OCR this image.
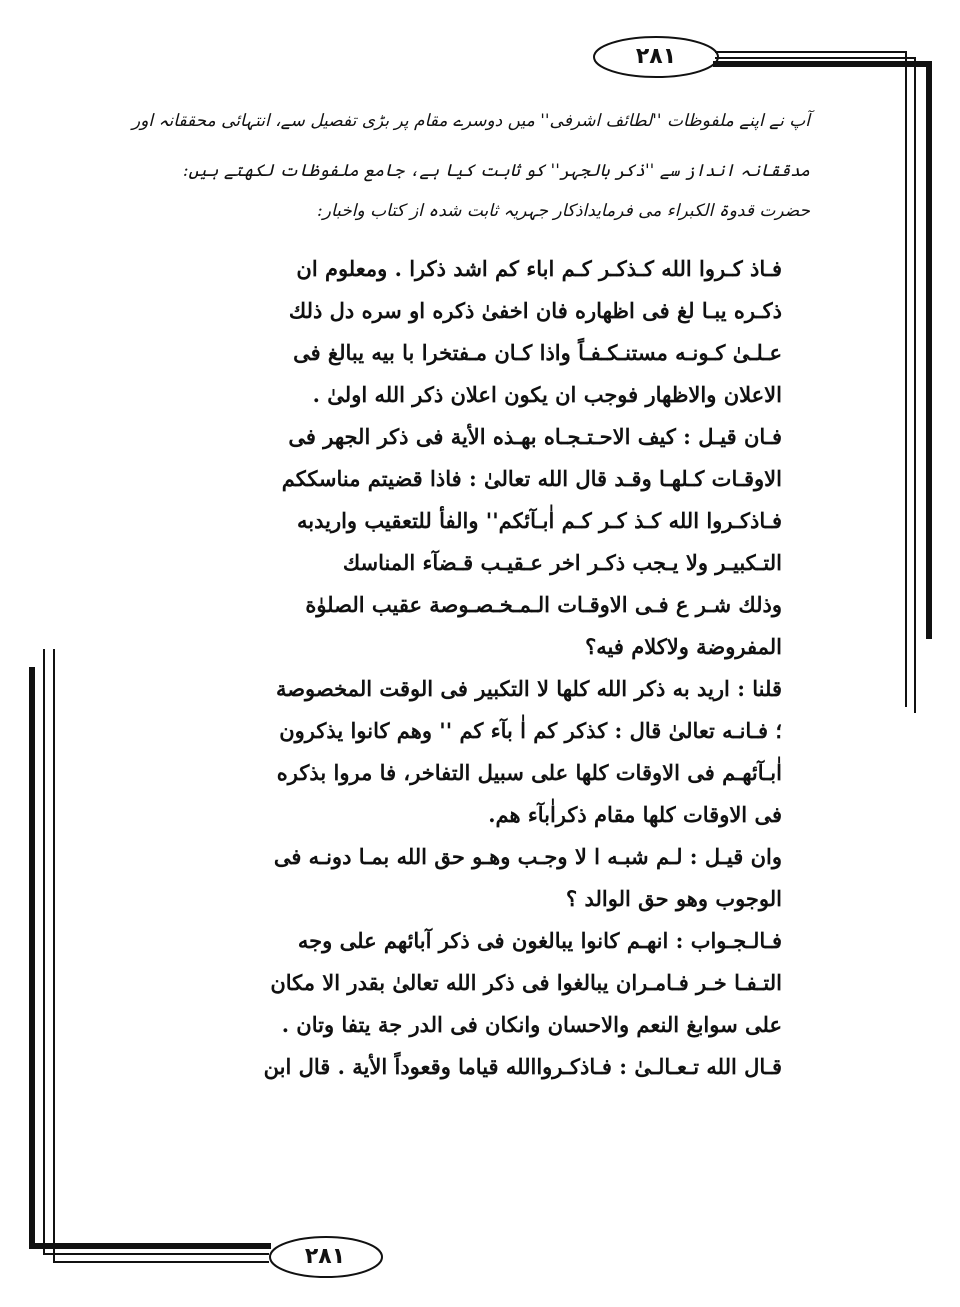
۲۸۱
آپ نے اپنے ملفوظات ''لطائف اشرفی'' میں دوسرے مقام پر بڑی تفصیل سے، انتہائی محققانہ اور
مدققانہ انداز سے ''ذکر بالجہر'' کو ثابت کیا ہے، جامع ملفوظات لکھتے ہیں:
حضرت قدوۃ الکبراء می فرمایداذکار جہریہ ثابت شدہ از کتاب واخبار:

فـاذ كـروا الله كـذكـر كـم اباء كم اشد ذكرا . ومعلوم ان

ذكـره يبـا لغ فى اظهاره فان اخفىٰ ذكره او سره دل ذلك

عـلـىٰ كـونـه مستنـكـفـاً واذا كـان مـفتخرا با بيه يبالغ فى

الاعلان والاظهار فوجب ان يكون اعلان ذكر الله اولىٰ .

فـان قيـل : كيف الاحـتـجـاه بهـذه الأية فى ذكر الجهر فى

الاوقـات كـلهـا وقـد قال الله تعالىٰ : فاذا قضيتم مناسككم

فـاذكـروا الله كـذ كـر كـم اٰبـآئكم'' والفأ للتعقيب واريدبه

التـكبيـر ولا يـجب ذكـر اخر عـقيـب قـضآء المناسك

وذلك شـر ع فـى الاوقـات الـمـخـصـوصة عقيب الصلوٰة

المفروضة ولاكلام فيه؟

قلنا : اريد به ذكر الله كلها لا التكبير فى الوقت المخصوصة

؛ فـانـه تعالىٰ قال : كذكر كم اٰ بآء كم '' وهم كانوا يذكرون

اٰبـآئهـم فى الاوقات كلها على سبيل التفاخر، فا مروا بذكره

فى الاوقات كلها مقام ذكراٰبآء هم.

وان قيـل : لـم شبـه ا لا وجـب وهـو حق الله بمـا دونـه فى

الوجوب وهو حق الوالد ؟

فـالـجـواب : انهـم كانوا يبالغون فى ذكر آبائهم على وجه

التـفـا خـر فـامـران يبالغوا فى ذكر الله تعالىٰ بقدر الا مكان

على سوابغ النعم والاحسان وانكان فى الدر جة يتفا وتان .

قـال الله تـعـالـىٰ : فـاذكـرواالله قياما وقعوداً الأية . قال ابن

۲۸۱
